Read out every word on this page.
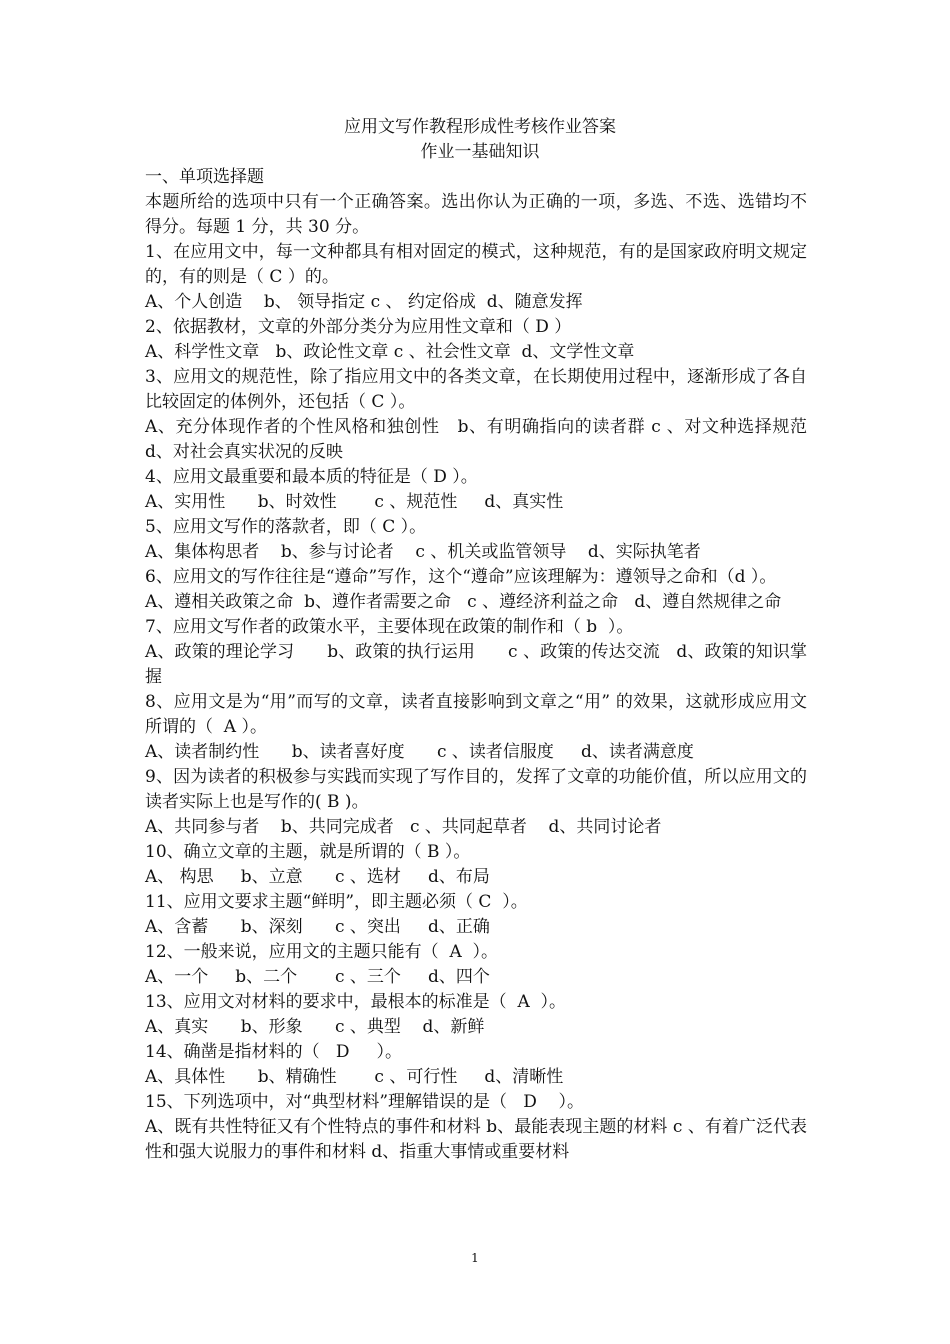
应用文写作教程形成性考核作业答案

作业一基础知识

一、单项选择题

本题所给的选项中只有一个正确答案。选出你认为正确的一项，多选、不选、选错均不得分。每题 1 分，共 30 分。

1、在应用文中，每一文种都具有相对固定的模式，这种规范，有的是国家政府明文规定的，有的则是（ C ）的。

A、个人创造    b、 领导指定 c 、 约定俗成  d、随意发挥

2、依据教材，文章的外部分类分为应用性文章和（ D ）

A、科学性文章   b、政论性文章 c 、社会性文章  d、文学性文章

3、应用文的规范性，除了指应用文中的各类文章，在长期使用过程中，逐渐形成了各自比较固定的体例外，还包括（ C ）。

A、充分体现作者的个性风格和独创性   b、有明确指向的读者群 c 、对文种选择规范                   d、对社会真实状况的反映

4、应用文最重要和最本质的特征是（ D ）。

A、实用性      b、时效性       c 、规范性     d、真实性

5、应用文写作的落款者，即（ C ）。

A、集体构思者    b、参与讨论者    c 、机关或监管领导    d、实际执笔者

6、应用文的写作往往是“遵命”写作，这个“遵命”应该理解为：遵领导之命和（d ）。

A、遵相关政策之命  b、遵作者需要之命   c 、遵经济利益之命   d、遵自然规律之命

7、应用文写作者的政策水平，主要体现在政策的制作和（ b  ）。

A、政策的理论学习      b、政策的执行运用      c 、政策的传达交流   d、政策的知识掌握

8、应用文是为“用”而写的文章，读者直接影响到文章之“用” 的效果，这就形成应用文所谓的（  A ）。

A、读者制约性      b、读者喜好度      c 、读者信服度     d、读者满意度

9、因为读者的积极参与实践而实现了写作目的，发挥了文章的功能价值，所以应用文的读者实际上也是写作的( B )。

A、共同参与者    b、共同完成者   c 、共同起草者    d、共同讨论者

10、确立文章的主题，就是所谓的（ B ）。

A、 构思     b、立意      c 、选材     d、布局

11、应用文要求主题“鲜明”，即主题必须（ C  ）。

A、含蓄      b、深刻      c 、突出     d、正确

12、一般来说，应用文的主题只能有（  A  ）。

A、一个     b、二个       c 、三个     d、四个

13、应用文对材料的要求中，最根本的标准是（  A  ）。

A、真实      b、形象      c 、典型    d、新鲜

14、确凿是指材料的（   D     ）。

A、具体性      b、精确性       c 、可行性     d、清晰性

15、下列选项中，对“典型材料”理解错误的是（   D    ）。

A、既有共性特征又有个性特点的事件和材料 b、最能表现主题的材料 c 、有着广泛代表性和强大说服力的事件和材料 d、指重大事情或重要材料

1
